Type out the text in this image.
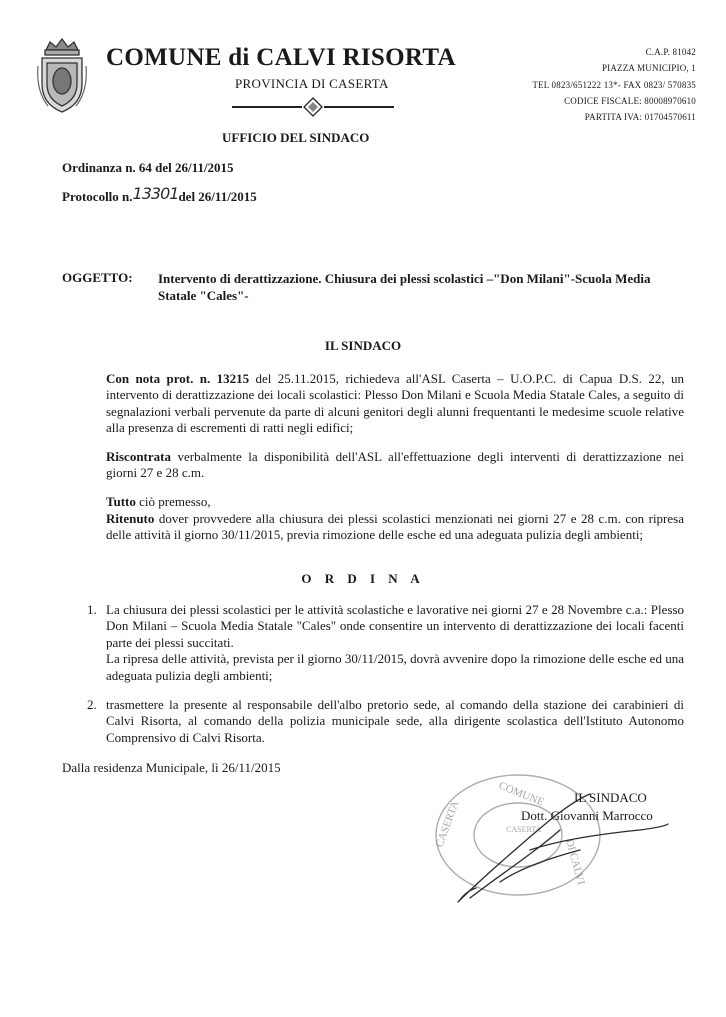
COMUNE di CALVI RISORTA
PROVINCIA DI CASERTA
C.A.P. 81042
PIAZZA MUNICIPIO, 1
TEL 0823/651222 13*- FAX 0823/ 570835
CODICE FISCALE: 80008970610
PARTITA IVA: 01704570611
UFFICIO DEL SINDACO
Ordinanza n. 64 del 26/11/2015
Protocollo n.13301del 26/11/2015
OGGETTO: Intervento di derattizzazione. Chiusura dei plessi scolastici –"Don Milani"-Scuola Media Statale "Cales"-
IL SINDACO

Con nota prot. n. 13215 del 25.11.2015, richiedeva all'ASL Caserta – U.O.P.C. di Capua D.S. 22, un intervento di derattizzazione dei locali scolastici: Plesso Don Milani e Scuola Media Statale Cales, a seguito di segnalazioni verbali pervenute da parte di alcuni genitori degli alunni frequentanti le medesime scuole relative alla presenza di escrementi di ratti negli edifici;

Riscontrata verbalmente la disponibilità dell'ASL all'effettuazione degli interventi di derattizzazione nei giorni 27 e 28 c.m.

Tutto ciò premesso,

Ritenuto dover provvedere alla chiusura dei plessi scolastici menzionati nei giorni 27 e 28 c.m. con ripresa delle attività il giorno 30/11/2015, previa rimozione delle esche ed una adeguata pulizia degli ambienti;

O R D I N A
1. La chiusura dei plessi scolastici per le attività scolastiche e lavorative nei giorni 27 e 28 Novembre c.a.: Plesso Don Milani – Scuola Media Statale "Cales" onde consentire un intervento di derattizzazione dei locali facenti parte dei plessi succitati.

La ripresa delle attività, prevista per il giorno 30/11/2015, dovrà avvenire dopo la rimozione delle esche ed una adeguata pulizia degli ambienti;

2. trasmettere la presente al responsabile dell'albo pretorio sede, al comando della stazione dei carabinieri di Calvi Risorta, al comando della polizia municipale sede, alla dirigente scolastica dell'Istituto Autonomo Comprensivo di Calvi Risorta.

Dalla residenza Municipale, lì 26/11/2015
COMUNE
CASERTA
DI CALVI
CASERTA
IL SINDACO
Dott. Giovanni Marrocco
